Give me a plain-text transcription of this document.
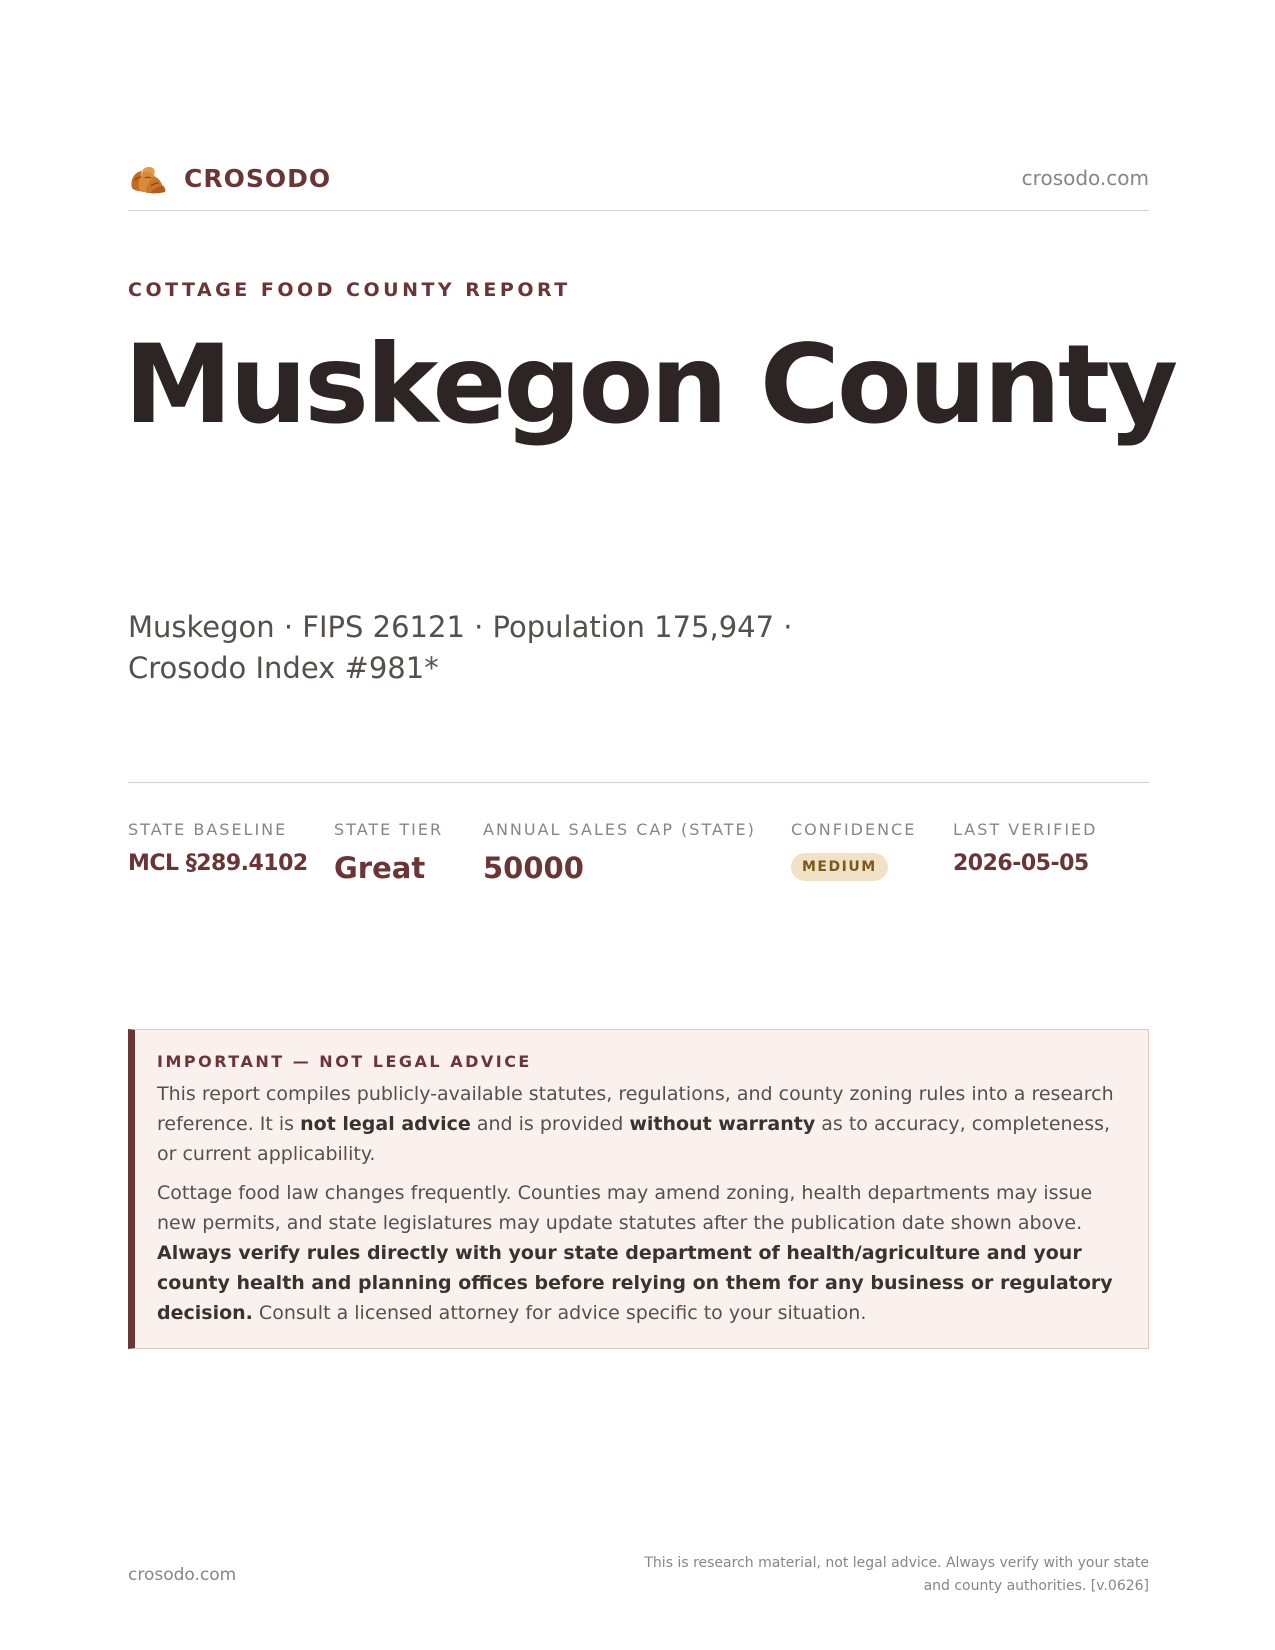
CROSODO	crosodo.com
COTTAGE FOOD COUNTY REPORT
Muskegon County
Muskegon · FIPS 26121 · Population 175,947 · Crosodo Index #981*
STATE BASELINE
MCL §289.4102
STATE TIER
Great
ANNUAL SALES CAP (STATE)
50000
CONFIDENCE
MEDIUM
LAST VERIFIED
2026-05-05
IMPORTANT — NOT LEGAL ADVICE

This report compiles publicly-available statutes, regulations, and county zoning rules into a research reference. It is not legal advice and is provided without warranty as to accuracy, completeness, or current applicability.

Cottage food law changes frequently. Counties may amend zoning, health departments may issue new permits, and state legislatures may update statutes after the publication date shown above. Always verify rules directly with your state department of health/agriculture and your county health and planning offices before relying on them for any business or regulatory decision. Consult a licensed attorney for advice specific to your situation.

crosodo.com
This is research material, not legal advice. Always verify with your state and county authorities. [v.0626]
